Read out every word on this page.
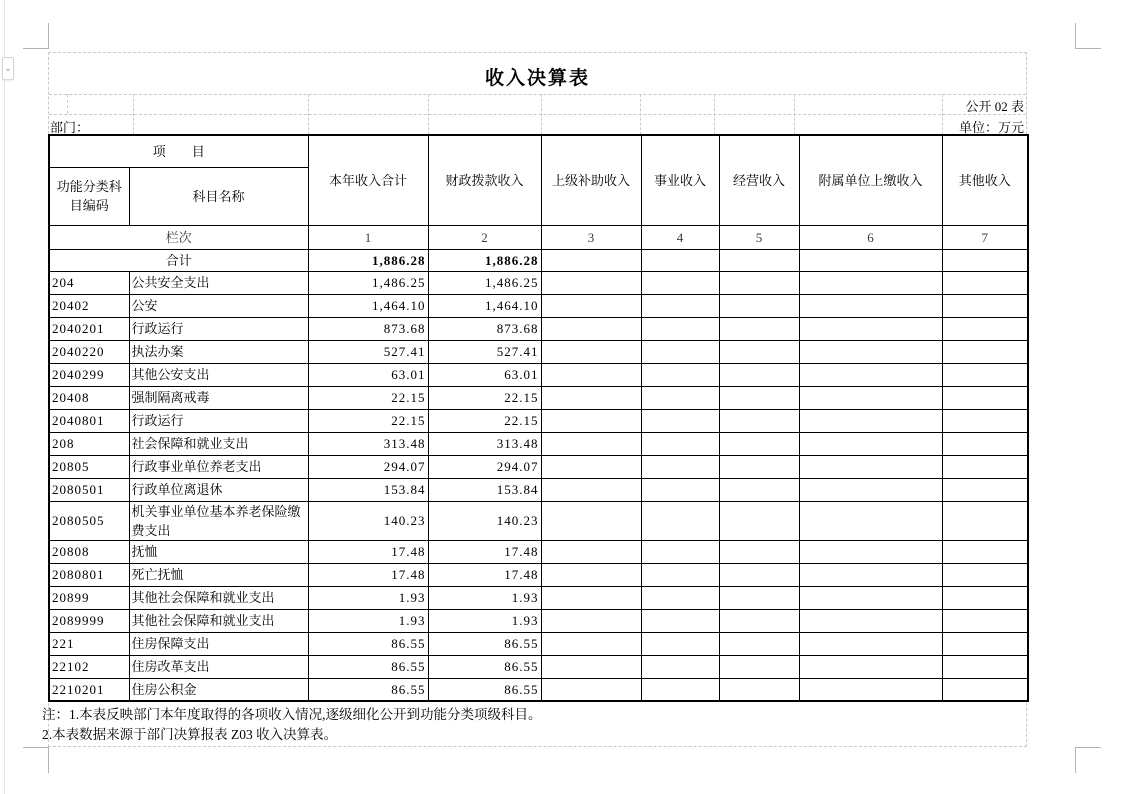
⌄	收入决算表
公开 02 表
部门：	单位：万元
项　　目		本年收入合计	财政拨款收入	上级补助收入	事业收入	经营收入	附属单位上缴收入	其他收入
功能分类科目编码	科目名称							
栏次		1	2	3	4	5	6	7
合计		1,886.28	1,886.28					
204	公共安全支出	1,486.25	1,486.25					
20402	公安	1,464.10	1,464.10					
2040201	行政运行	873.68	873.68					
2040220	执法办案	527.41	527.41					
2040299	其他公安支出	63.01	63.01					
20408	强制隔离戒毒	22.15	22.15					
2040801	行政运行	22.15	22.15					
208	社会保障和就业支出	313.48	313.48					
20805	行政事业单位养老支出	294.07	294.07					
2080501	行政单位离退休	153.84	153.84					
2080505	机关事业单位基本养老保险缴费支出	140.23	140.23					
20808	抚恤	17.48	17.48					
2080801	死亡抚恤	17.48	17.48					
20899	其他社会保障和就业支出	1.93	1.93					
2089999	其他社会保障和就业支出	1.93	1.93					
221	住房保障支出	86.55	86.55					
22102	住房改革支出	86.55	86.55					
2210201	住房公积金	86.55	86.55					
注：1.本表反映部门本年度取得的各项收入情况,逐级细化公开到功能分类项级科目。
2.本表数据来源于部门决算报表 Z03 收入决算表。
